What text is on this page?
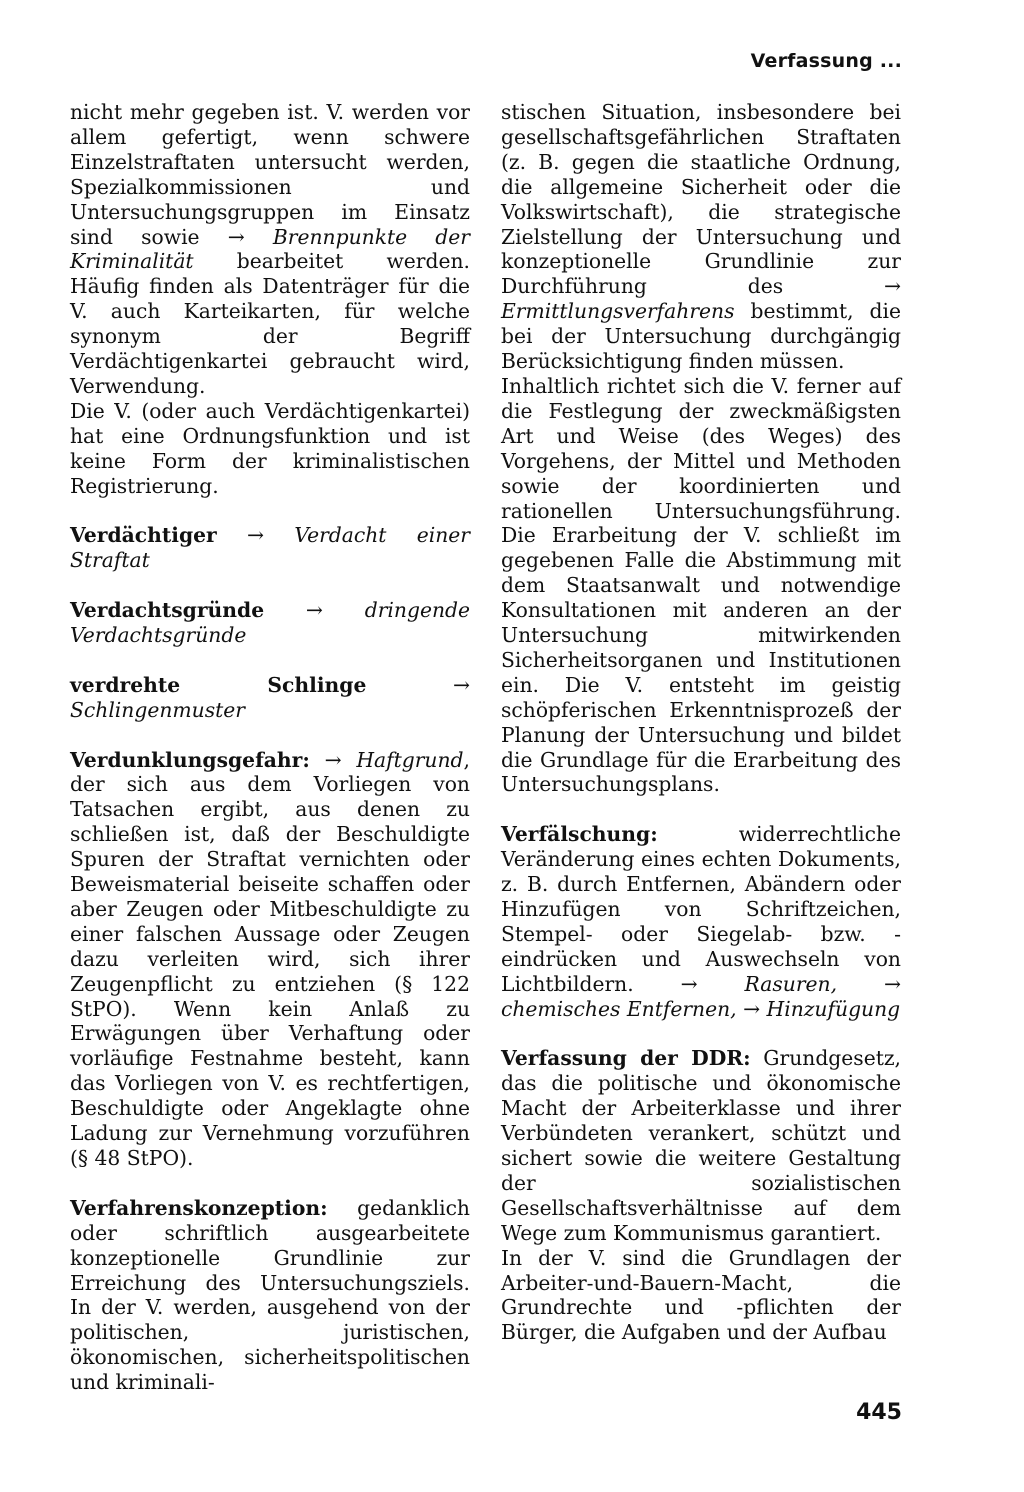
Verfassung ...

nicht mehr gegeben ist. V. werden vor allem gefertigt, wenn schwere Einzelstraftaten untersucht werden, Spezialkommissionen und Untersuchungsgruppen im Einsatz sind sowie → Brennpunkte der Kriminalität bearbeitet werden. Häufig finden als Datenträger für die V. auch Karteikarten, für welche synonym der Begriff Verdächtigenkartei gebraucht wird, Verwendung.

Die V. (oder auch Verdächtigenkartei) hat eine Ordnungsfunktion und ist keine Form der kriminalistischen Registrierung.

Verdächtiger → Verdacht einer Straftat

Verdachtsgründe → dringende Verdachtsgründe

verdrehte Schlinge → Schlingenmuster

Verdunklungsgefahr: → Haftgrund, der sich aus dem Vorliegen von Tatsachen ergibt, aus denen zu schließen ist, daß der Beschuldigte Spuren der Straftat vernichten oder Beweismaterial beiseite schaffen oder aber Zeugen oder Mitbeschuldigte zu einer falschen Aussage oder Zeugen dazu verleiten wird, sich ihrer Zeugenpflicht zu entziehen (§ 122 StPO). Wenn kein Anlaß zu Erwägungen über Verhaftung oder vorläufige Festnahme besteht, kann das Vorliegen von V. es rechtfertigen, Beschuldigte oder Angeklagte ohne Ladung zur Vernehmung vorzuführen (§ 48 StPO).

Verfahrenskonzeption: gedanklich oder schriftlich ausgearbeitete konzeptionelle Grundlinie zur Erreichung des Untersuchungsziels. In der V. werden, ausgehend von der politischen, juristischen, ökonomischen, sicherheitspolitischen und kriminali-

stischen Situation, insbesondere bei gesellschaftsgefährlichen Straftaten (z. B. gegen die staatliche Ordnung, die allgemeine Sicherheit oder die Volkswirtschaft), die strategische Zielstellung der Untersuchung und konzeptionelle Grundlinie zur Durchführung des → Ermittlungsverfahrens bestimmt, die bei der Untersuchung durchgängig Berücksichtigung finden müssen.

Inhaltlich richtet sich die V. ferner auf die Festlegung der zweckmäßigsten Art und Weise (des Weges) des Vorgehens, der Mittel und Methoden sowie der koordinierten und rationellen Untersuchungsführung. Die Erarbeitung der V. schließt im gegebenen Falle die Abstimmung mit dem Staatsanwalt und notwendige Konsultationen mit anderen an der Untersuchung mitwirkenden Sicherheitsorganen und Institutionen ein. Die V. entsteht im geistig schöpferischen Erkenntnisprozeß der Planung der Untersuchung und bildet die Grundlage für die Erarbeitung des Untersuchungsplans.

Verfälschung: widerrechtliche Veränderung eines echten Dokuments, z. B. durch Entfernen, Abändern oder Hinzufügen von Schriftzeichen, Stempel- oder Siegelab- bzw. -eindrücken und Auswechseln von Lichtbildern. → Rasuren, → chemisches Entfernen, → Hinzufügung

Verfassung der DDR: Grundgesetz, das die politische und ökonomische Macht der Arbeiterklasse und ihrer Verbündeten verankert, schützt und sichert sowie die weitere Gestaltung der sozialistischen Gesellschaftsverhältnisse auf dem Wege zum Kommunismus garantiert.

In der V. sind die Grundlagen der Arbeiter-und-Bauern-Macht, die Grundrechte und -pflichten der Bürger, die Aufgaben und der Aufbau

445
